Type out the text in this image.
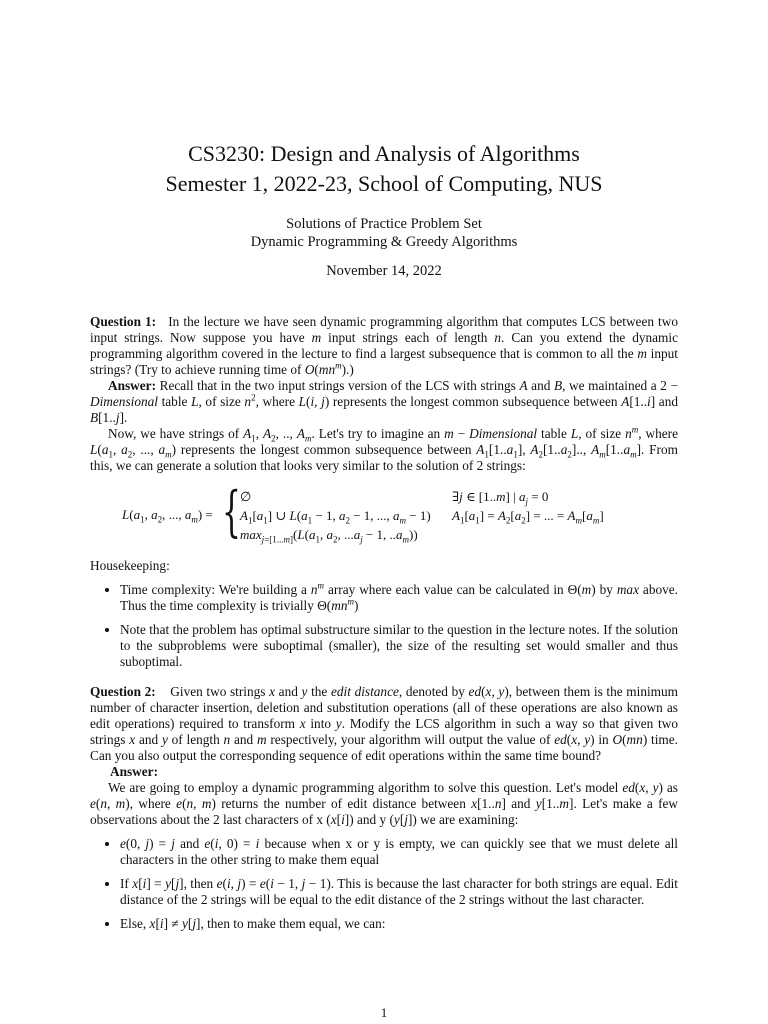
CS3230: Design and Analysis of Algorithms
Semester 1, 2022-23, School of Computing, NUS
Solutions of Practice Problem Set
Dynamic Programming & Greedy Algorithms
November 14, 2022

Question 1:   In the lecture we have seen dynamic programming algorithm that computes LCS between two input strings. Now suppose you have m input strings each of length n. Can you extend the dynamic programming algorithm covered in the lecture to find a largest subsequence that is common to all the m input strings? (Try to achieve running time of $O(mn^m)$.)

Answer: Recall that in the two input strings version of the LCS with strings A and B, we maintained a 2 − Dimensional table L, of size $n^2$, where L(i, j) represents the longest common subsequence between A[1..i] and B[1..j].

Now, we have strings of $A_1$, $A_2$, .., $A_m$. Let's try to imagine an m − Dimensional table L, of size $n^m$, where $L(a_1$, $a_2$, ..., $a_m$) represents the longest common subsequence between $A_1[1..a_1]$, $A_2[1..a_2]$.., $A_m[1..a_m]$. From this, we can generate a solution that looks very similar to the solution of 2 strings:

$L(a_1$, $a_2$, ..., $a_m$) = { ∅
$A_1[a_1]$ ∪ $L(a_1 - 1$, $a_2 - 1$, ..., $a_m - 1$)
$\max_{j=[1...m]}(L(a_1$, $a_2$, $...a_j - 1$, $..a_m$))
∃j ∈ [1..m] | $a_j = 0$
$A_1[a_1] = A_2[a_2]$ = ... = $A_m[a_m]$

Housekeeping:

• Time complexity: We're building a $n^m$ array where each value can be calculated in Θ(m) by max above. Thus the time complexity is trivially $\Theta(mn^m)$
• Note that the problem has optimal substructure similar to the question in the lecture notes. If the solution to the subproblems were suboptimal (smaller), the size of the resulting set would smaller and thus suboptimal.

Question 2:    Given two strings x and y the edit distance, denoted by ed(x, y), between them is the minimum number of character insertion, deletion and substitution operations (all of these operations are also known as edit operations) required to transform x into y. Modify the LCS algorithm in such a way so that given two strings x and y of length n and m respectively, your algorithm will output the value of ed(x, y) in O(mn) time. Can you also output the corresponding sequence of edit operations within the same time bound?

Answer:

We are going to employ a dynamic programming algorithm to solve this question. Let's model ed(x, y) as e(n, m), where e(n, m) returns the number of edit distance between x[1..n] and y[1..m]. Let's make a few observations about the 2 last characters of x (x[i]) and y (y[j]) we are examining:

• e(0, j) = j and e(i, 0) = i because when x or y is empty, we can quickly see that we must delete all characters in the other string to make them equal
• If x[i] = y[j], then e(i, j) = e(i − 1, j − 1). This is because the last character for both strings are equal. Edit distance of the 2 strings will be equal to the edit distance of the 2 strings without the last character.
• Else, x[i] ≠ y[j], then to make them equal, we can:
1
